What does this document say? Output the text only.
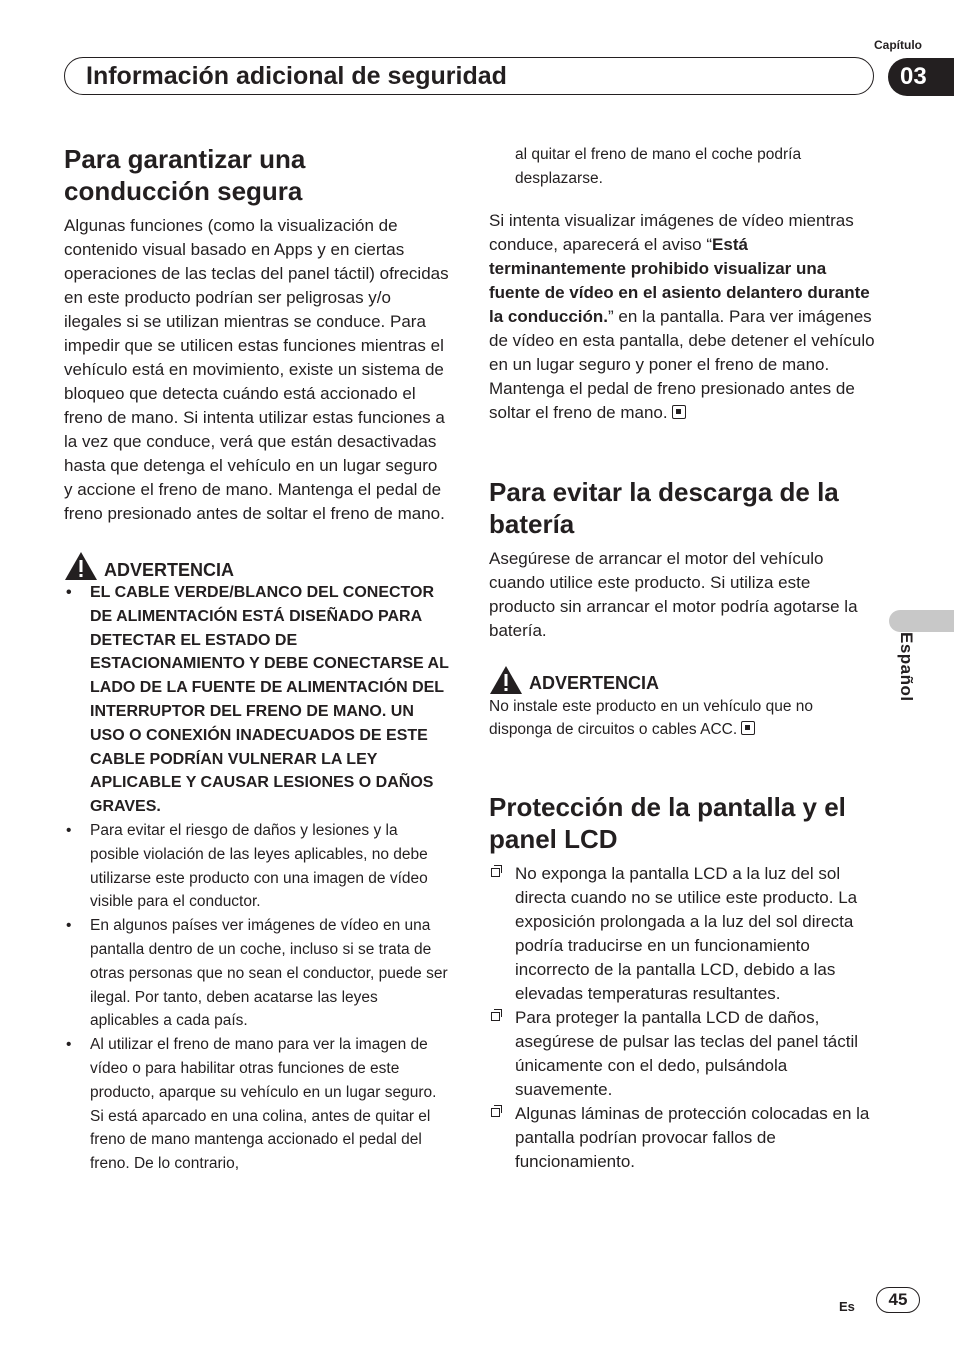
Capítulo
Información adicional de seguridad	03
Español
Para garantizar una conducción segura

Algunas funciones (como la visualización de contenido visual basado en Apps y en ciertas operaciones de las teclas del panel táctil) ofrecidas en este producto podrían ser peligrosas y/o ilegales si se utilizan mientras se conduce. Para impedir que se utilicen estas funciones mientras el vehículo está en movimiento, existe un sistema de bloqueo que detecta cuándo está accionado el freno de mano. Si intenta utilizar estas funciones a la vez que conduce, verá que están desactivadas hasta que detenga el vehículo en un lugar seguro y accione el freno de mano. Mantenga el pedal de freno presionado antes de soltar el freno de mano.

ADVERTENCIA
• EL CABLE VERDE/BLANCO DEL CONECTOR DE ALIMENTACIÓN ESTÁ DISEÑADO PARA DETECTAR EL ESTADO DE ESTACIONAMIENTO Y DEBE CONECTARSE AL LADO DE LA FUENTE DE ALIMENTACIÓN DEL INTERRUPTOR DEL FRENO DE MANO. UN USO O CONEXIÓN INADECUADOS DE ESTE CABLE PODRÍAN VULNERAR LA LEY APLICABLE Y CAUSAR LESIONES O DAÑOS GRAVES.
• Para evitar el riesgo de daños y lesiones y la posible violación de las leyes aplicables, no debe utilizarse este producto con una imagen de vídeo visible para el conductor.
• En algunos países ver imágenes de vídeo en una pantalla dentro de un coche, incluso si se trata de otras personas que no sean el conductor, puede ser ilegal. Por tanto, deben acatarse las leyes aplicables a cada país.
• Al utilizar el freno de mano para ver la imagen de vídeo o para habilitar otras funciones de este producto, aparque su vehículo en un lugar seguro. Si está aparcado en una colina, antes de quitar el freno de mano mantenga accionado el pedal del freno. De lo contrario,

al quitar el freno de mano el coche podría desplazarse.

Si intenta visualizar imágenes de vídeo mientras conduce, aparecerá el aviso “Está terminantemente prohibido visualizar una fuente de vídeo en el asiento delantero durante la conducción.” en la pantalla. Para ver imágenes de vídeo en esta pantalla, debe detener el vehículo en un lugar seguro y poner el freno de mano. Mantenga el pedal de freno presionado antes de soltar el freno de mano.

Para evitar la descarga de la batería

Asegúrese de arrancar el motor del vehículo cuando utilice este producto. Si utiliza este producto sin arrancar el motor podría agotarse la batería.

ADVERTENCIA

No instale este producto en un vehículo que no disponga de circuitos o cables ACC.

Protección de la pantalla y el panel LCD
No exponga la pantalla LCD a la luz del sol directa cuando no se utilice este producto. La exposición prolongada a la luz del sol directa podría traducirse en un funcionamiento incorrecto de la pantalla LCD, debido a las elevadas temperaturas resultantes.
Para proteger la pantalla LCD de daños, asegúrese de pulsar las teclas del panel táctil únicamente con el dedo, pulsándola suavemente.
Algunas láminas de protección colocadas en la pantalla podrían provocar fallos de funcionamiento.
Es	45
